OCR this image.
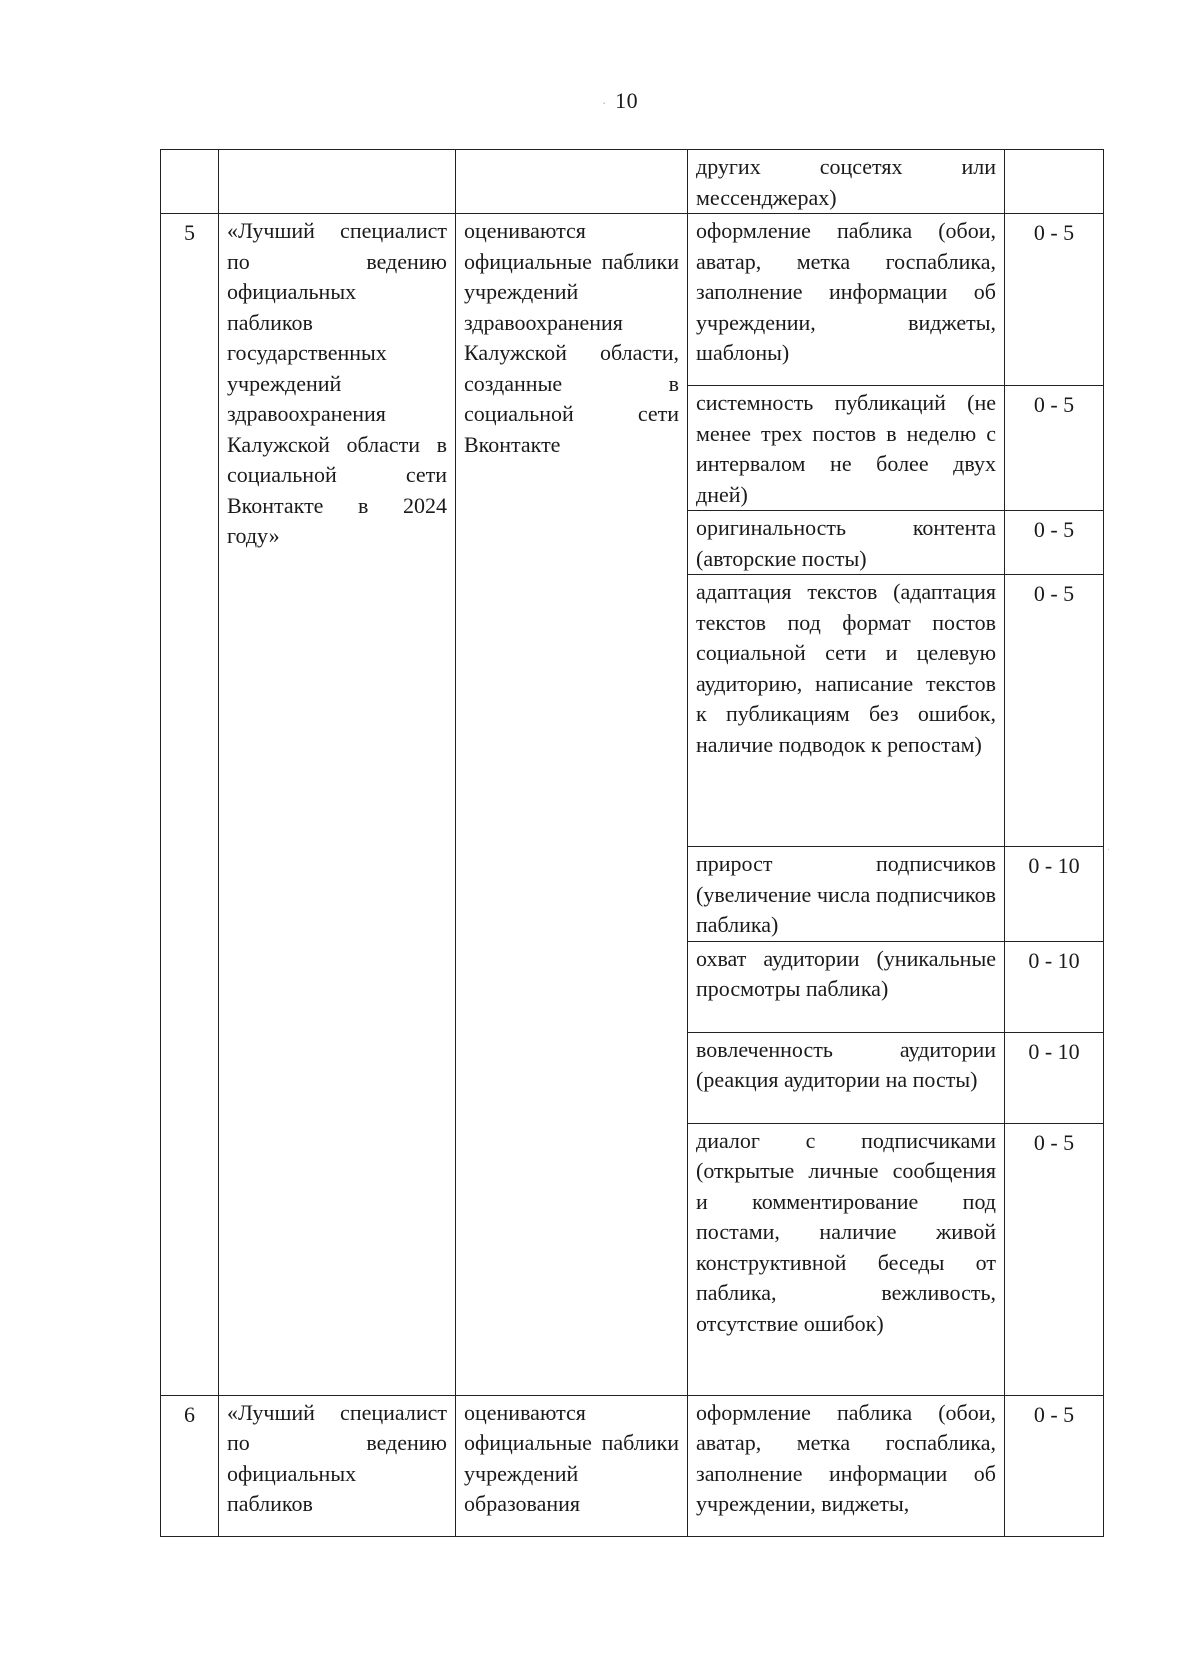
· 10
			других соцсетях или мессенджерах)	
5	«Лучший специалист по ведению официальных пабликов государственных учреждений здравоохранения Калужской области в социальной сети Вконтакте в 2024 году»	оцениваются официальные паблики учреждений здравоохранения Калужской области, созданные в социальной сети Вконтакте	оформление паблика (обои, аватар, метка госпаблика, заполнение информации об учреждении, виджеты, шаблоны)	0 - 5
			системность публикаций (не менее трех постов в неделю с интервалом не более двух дней)	0 - 5
			оригинальность контента (авторские посты)	0 - 5
			адаптация текстов (адаптация текстов под формат постов социальной сети и целевую аудиторию, написание текстов к публикациям без ошибок, наличие подводок к репостам)	0 - 5
			прирост подписчиков (увеличение числа подписчиков паблика)	0 - 10
			охват аудитории (уникальные просмотры паблика)	0 - 10
			вовлеченность аудитории (реакция аудитории на посты)	0 - 10
			диалог с подписчиками (открытые личные сообщения и комментирование под постами, наличие живой конструктивной беседы от паблика, вежливость, отсутствие ошибок)	0 - 5
6	«Лучший специалист по ведению официальных пабликов	оцениваются официальные паблики учреждений образования	оформление паблика (обои, аватар, метка госпаблика, заполнение информации об учреждении, виджеты,	0 - 5
· ·
